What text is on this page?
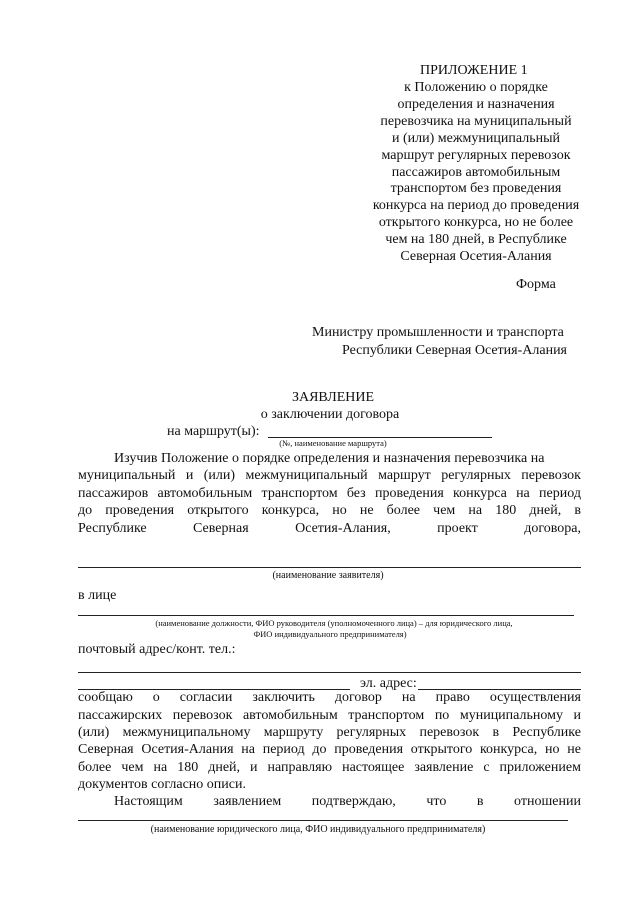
ПРИЛОЖЕНИЕ 1
к Положению о порядке
определения и назначения
перевозчика на муниципальный
и (или) межмуниципальный
маршрут регулярных перевозок
пассажиров автомобильным
транспортом без проведения
конкурса на период до проведения
открытого конкурса, но не более
чем на 180 дней, в Республике
Северная Осетия-Алания
Форма
Министру промышленности и транспорта
Республики Северная Осетия-Алания
ЗАЯВЛЕНИЕ
о заключении договора
на маршрут(ы):
(№, наименование маршрута)
Изучив Положение о порядке определения и назначения перевозчика на
муниципальный и (или) межмуниципальный маршрут регулярных перевозок
пассажиров автомобильным транспортом без проведения конкурса на период
до проведения открытого конкурса, но не более чем на 180 дней, в
Республике	Северная	Осетия-Алания,	проект	договора,
(наименование заявителя)
в лице
(наименование должности, ФИО руководителя (уполномоченного лица) – для юридического лица,
ФИО индивидуального предпринимателя)
почтовый адрес/конт. тел.:
эл. адрес:
сообщаю о согласии заключить договор на право осуществления
пассажирских перевозок автомобильным транспортом по муниципальному и
(или) межмуниципальному маршруту регулярных перевозок в Республике
Северная Осетия-Алания на период до проведения открытого конкурса, но не
более чем на 180 дней, и направляю настоящее заявление с приложением
документов согласно описи.
Настоящим заявлением подтверждаю, что в отношении
(наименование юридического лица, ФИО индивидуального предпринимателя)
